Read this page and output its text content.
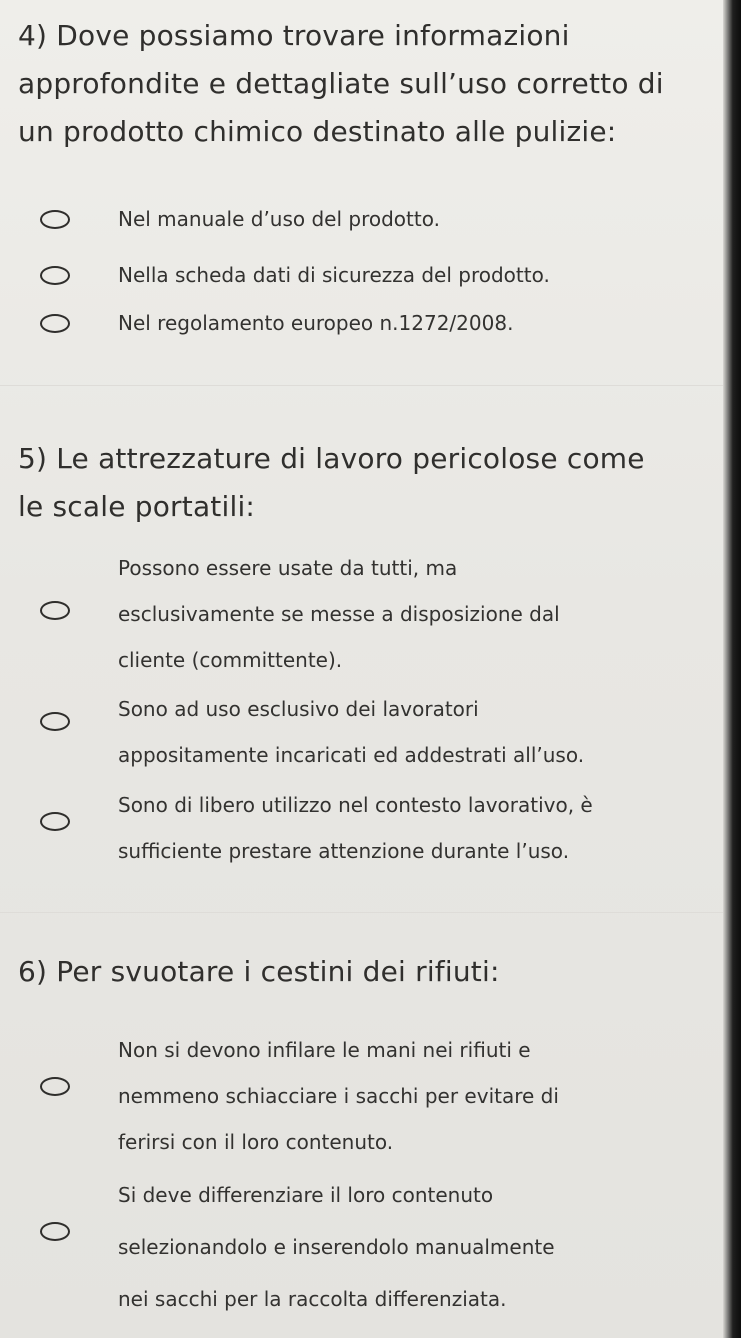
4) Dove possiamo trovare informazioni approfondite e dettagliate sull’uso corretto di un prodotto chimico destinato alle pulizie:
Nel manuale d’uso del prodotto.
Nella scheda dati di sicurezza del prodotto.
Nel regolamento europeo n.1272/2008.
5) Le attrezzature di lavoro pericolose come le scale portatili:
Possono essere usate da tutti, ma
esclusivamente se messe a disposizione dal
cliente (committente).
Sono ad uso esclusivo dei lavoratori
appositamente incaricati ed addestrati all’uso.
Sono di libero utilizzo nel contesto lavorativo, è
sufficiente prestare attenzione durante l’uso.
6) Per svuotare i cestini dei rifiuti:
Non si devono infilare le mani nei rifiuti e
nemmeno schiacciare i sacchi per evitare di
ferirsi con il loro contenuto.
Si deve differenziare il loro contenuto
selezionandolo e inserendolo manualmente
nei sacchi per la raccolta differenziata.
